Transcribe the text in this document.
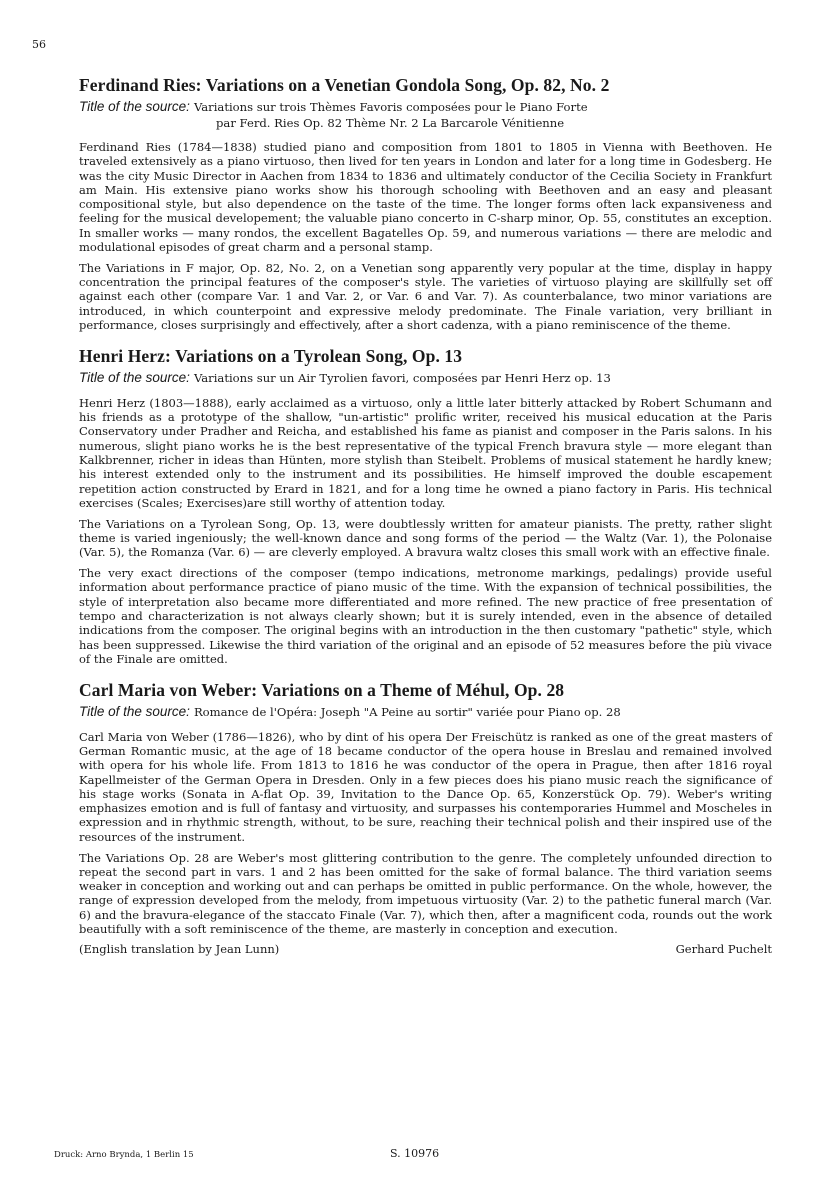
56
Ferdinand Ries: Variations on a Venetian Gondola Song, Op. 82, No. 2
Title of the source: Variations sur trois Thèmes Favoris composées pour le Piano Forte
par Ferd. Ries Op. 82 Thème Nr. 2 La Barcarole Vénitienne

Ferdinand Ries (1784—1838) studied piano and composition from 1801 to 1805 in Vienna with Beethoven. He traveled extensively as a piano virtuoso, then lived for ten years in London and later for a long time in Godesberg. He was the city Music Director in Aachen from 1834 to 1836 and ultimately conductor of the Cecilia Society in Frankfurt am Main. His extensive piano works show his thorough schooling with Beethoven and an easy and pleasant compositional style, but also dependence on the taste of the time. The longer forms often lack expansiveness and feeling for the musical developement; the valuable piano concerto in C-sharp minor, Op. 55, constitutes an exception. In smaller works — many rondos, the excellent Bagatelles Op. 59, and numerous variations — there are melodic and modulational episodes of great charm and a personal stamp.

The Variations in F major, Op. 82, No. 2, on a Venetian song apparently very popular at the time, display in happy concentration the principal features of the composer's style. The varieties of virtuoso playing are skillfully set off against each other (compare Var. 1 and Var. 2, or Var. 6 and Var. 7). As counterbalance, two minor variations are introduced, in which counterpoint and expressive melody predominate. The Finale variation, very brilliant in performance, closes surprisingly and effectively, after a short cadenza, with a piano reminiscence of the theme.

Henri Herz: Variations on a Tyrolean Song, Op. 13
Title of the source: Variations sur un Air Tyrolien favori, composées par Henri Herz op. 13

Henri Herz (1803—1888), early acclaimed as a virtuoso, only a little later bitterly attacked by Robert Schumann and his friends as a prototype of the shallow, "un-artistic" prolific writer, received his musical education at the Paris Conservatory under Pradher and Reicha, and established his fame as pianist and composer in the Paris salons. In his numerous, slight piano works he is the best representative of the typical French bravura style — more elegant than Kalkbrenner, richer in ideas than Hünten, more stylish than Steibelt. Problems of musical statement he hardly knew; his interest extended only to the instrument and its possibilities. He himself improved the double escapement repetition action constructed by Erard in 1821, and for a long time he owned a piano factory in Paris. His technical exercises (Scales; Exercises)are still worthy of attention today.

The Variations on a Tyrolean Song, Op. 13, were doubtlessly written for amateur pianists. The pretty, rather slight theme is varied ingeniously; the well-known dance and song forms of the period — the Waltz (Var. 1), the Polonaise (Var. 5), the Romanza (Var. 6) — are cleverly employed. A bravura waltz closes this small work with an effective finale.

The very exact directions of the composer (tempo indications, metronome markings, pedalings) provide useful information about performance practice of piano music of the time. With the expansion of technical possibilities, the style of interpretation also became more differentiated and more refined. The new practice of free presentation of tempo and characterization is not always clearly shown; but it is surely intended, even in the absence of detailed indications from the composer. The original begins with an introduction in the then customary "pathetic" style, which has been suppressed. Likewise the third variation of the original and an episode of 52 measures before the più vivace of the Finale are omitted.

Carl Maria von Weber: Variations on a Theme of Méhul, Op. 28
Title of the source: Romance de l'Opéra: Joseph "A Peine au sortir" variée pour Piano op. 28

Carl Maria von Weber (1786—1826), who by dint of his opera Der Freischütz is ranked as one of the great masters of German Romantic music, at the age of 18 became conductor of the opera house in Breslau and remained involved with opera for his whole life. From 1813 to 1816 he was conductor of the opera in Prague, then after 1816 royal Kapellmeister of the German Opera in Dresden. Only in a few pieces does his piano music reach the significance of his stage works (Sonata in A-flat Op. 39, Invitation to the Dance Op. 65, Konzerstück Op. 79). Weber's writing emphasizes emotion and is full of fantasy and virtuosity, and surpasses his contemporaries Hummel and Moscheles in expression and in rhythmic strength, without, to be sure, reaching their technical polish and their inspired use of the resources of the instrument.

The Variations Op. 28 are Weber's most glittering contribution to the genre. The completely unfounded direction to repeat the second part in vars. 1 and 2 has been omitted for the sake of formal balance. The third variation seems weaker in conception and working out and can perhaps be omitted in public performance. On the whole, however, the range of expression developed from the melody, from impetuous virtuosity (Var. 2) to the pathetic funeral march (Var. 6) and the bravura-elegance of the staccato Finale (Var. 7), which then, after a magnificent coda, rounds out the work beautifully with a soft reminiscence of the theme, are masterly in conception and execution.

(English translation by Jean Lunn)	Gerhard Puchelt
Druck: Arno Brynda, 1 Berlin 15	S. 10976
